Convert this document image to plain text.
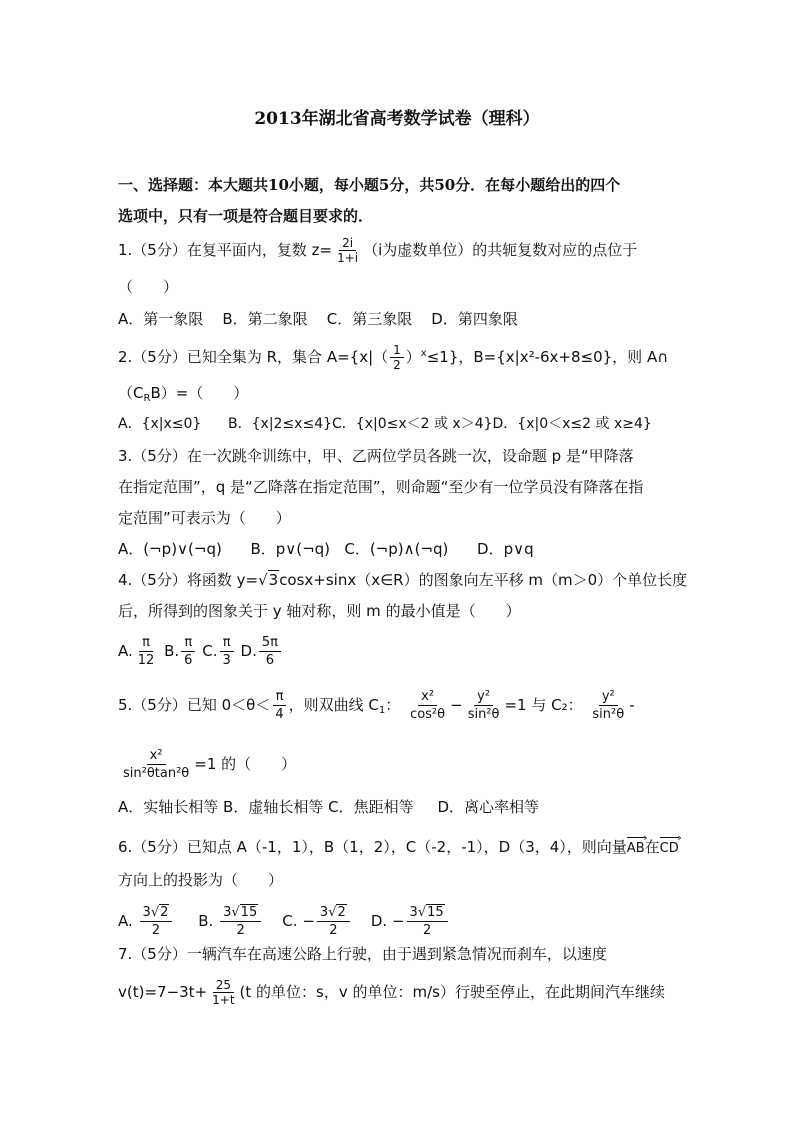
2013年湖北省高考数学试卷（理科）
一、选择题：本大题共10小题，每小题5分，共50分．在每小题给出的四个
选项中，只有一项是符合题目要求的．
1.（5分）在复平面内，复数 $z= \frac{2i}{1+i} (i$为虚数单位）的共轭复数对应的点位于
（　　）
A．第一象限 B．第二象限 C．第三象限 D．第四象限
2.（5分）已知全集为 R，集合 $A=\{x|( \frac{1}{2} )^x\le 1\}$，B={x|x²-6x+8≤0}，则 A∩
$(C_RB)=$（　　）
A．{x|x≤0} B．{x|2≤x≤4}C．{x|0≤x＜2 或 x＞4}D．{x|0＜x≤2 或 x≥4}
3.（5分）在一次跳伞训练中，甲、乙两位学员各跳一次，设命题 p 是“甲降落
在指定范围”，q 是“乙降落在指定范围”，则命题“至少有一位学员没有降落在指
定范围”可表示为（　　）
A．(¬p)∨(¬q) B．p∨(¬q) C．(¬p)∧(¬q) D．p∨q
4.（5分）将函数 y=√3cosx+sinx（x∈R）的图象向左平移 m（m＞0）个单位长度
后，所得到的图象关于 y 轴对称，则 m 的最小值是（　　）
A. $\frac{\pi}{12} B$. $\frac{\pi}{6} C$. $\frac{\pi}{3} D$. $\frac{5\pi}{6}$
5.（5分）已知 $0<\theta< \frac{\pi}{4}$ ，则双曲线 $C_1$： $\frac{\text{x²}}{\text{cos²θ}} - \frac{\text{y²}}{\text{sin²θ}} =1$ 与 C₂： $\frac{\text{y²}}{\text{sin²θ}}$ -
$\frac{\text{x²}}{\text{sin²θtan²θ}} =1$ 的（　　）
A．实轴长相等 B．虚轴长相等 C．焦距相等 D．离心率相等
6.（5分）已知点 A（-1，1），B（1，2），C（-2，-1），D（3，4），则向量› AB在› CD
方向上的投影为（　　）
A. $\frac{3√2}{2} B$. $\frac{3√15}{2} C$. − $\frac{3√2}{2} D$. − $\frac{3√15}{2}$
7.（5分）一辆汽车在高速公路上行驶，由于遇到紧急情况而刹车，以速度
$v(t)=7-3t+ \frac{25}{1+t} (t$ 的单位：s，v 的单位：m/s）行驶至停止，在此期间汽车继续
